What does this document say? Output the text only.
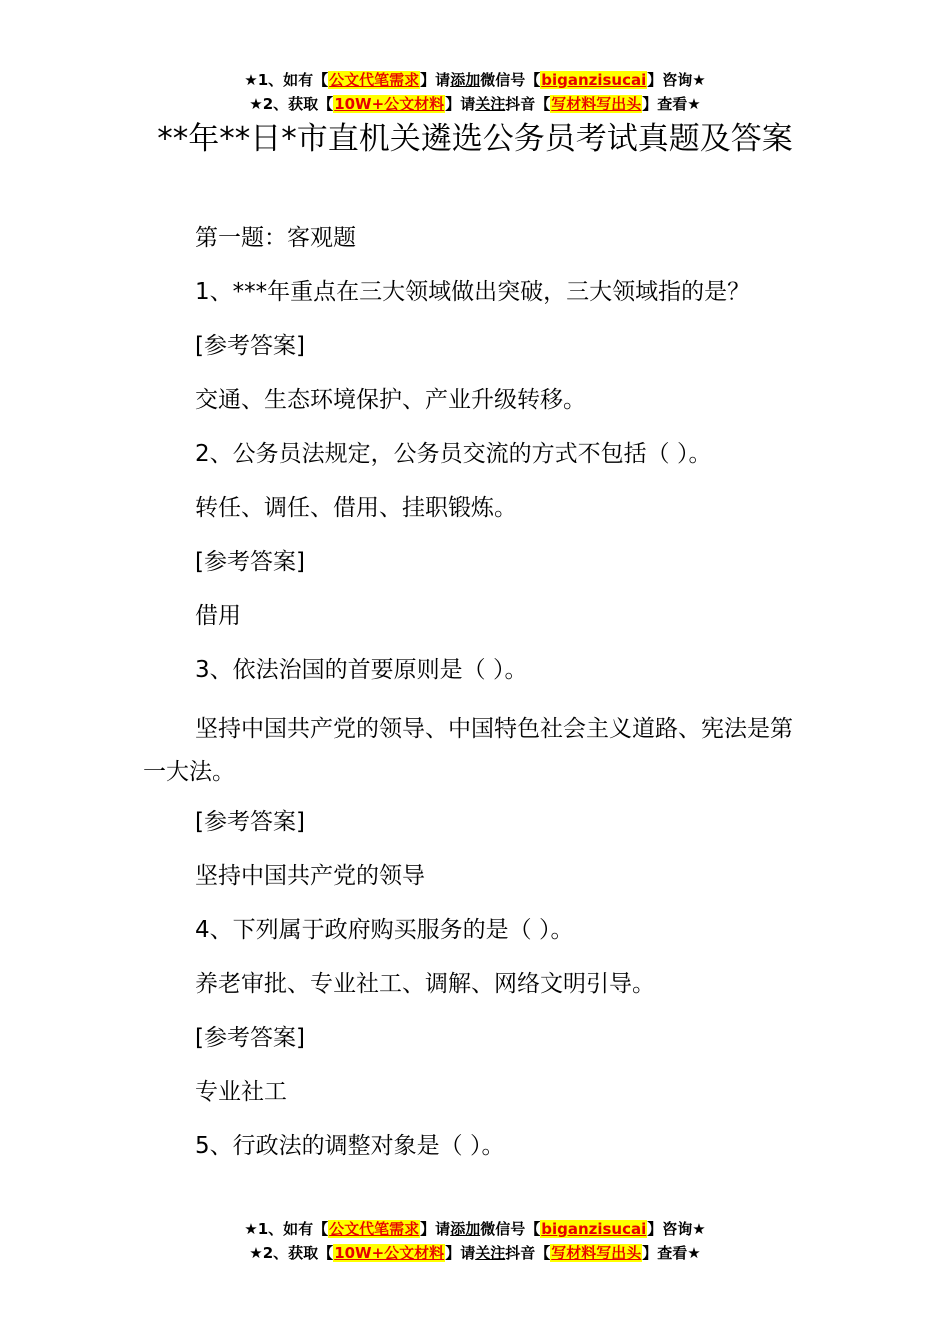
★1、如有【公文代笔需求】请添加微信号【biganzisucai】咨询★
★2、获取【10W+公文材料】请关注抖音【写材料写出头】查看★
**年**日*市直机关遴选公务员考试真题及答案

第一题：客观题

1、***年重点在三大领域做出突破，三大领域指的是？

[参考答案]

交通、生态环境保护、产业升级转移。

2、公务员法规定，公务员交流的方式不包括（ ）。

转任、调任、借用、挂职锻炼。

[参考答案]

借用

3、依法治国的首要原则是（ ）。

坚持中国共产党的领导、中国特色社会主义道路、宪法是第一大法。

[参考答案]

坚持中国共产党的领导

4、下列属于政府购买服务的是（ ）。

养老审批、专业社工、调解、网络文明引导。

[参考答案]

专业社工

5、行政法的调整对象是（ ）。

★1、如有【公文代笔需求】请添加微信号【biganzisucai】咨询★
★2、获取【10W+公文材料】请关注抖音【写材料写出头】查看★
